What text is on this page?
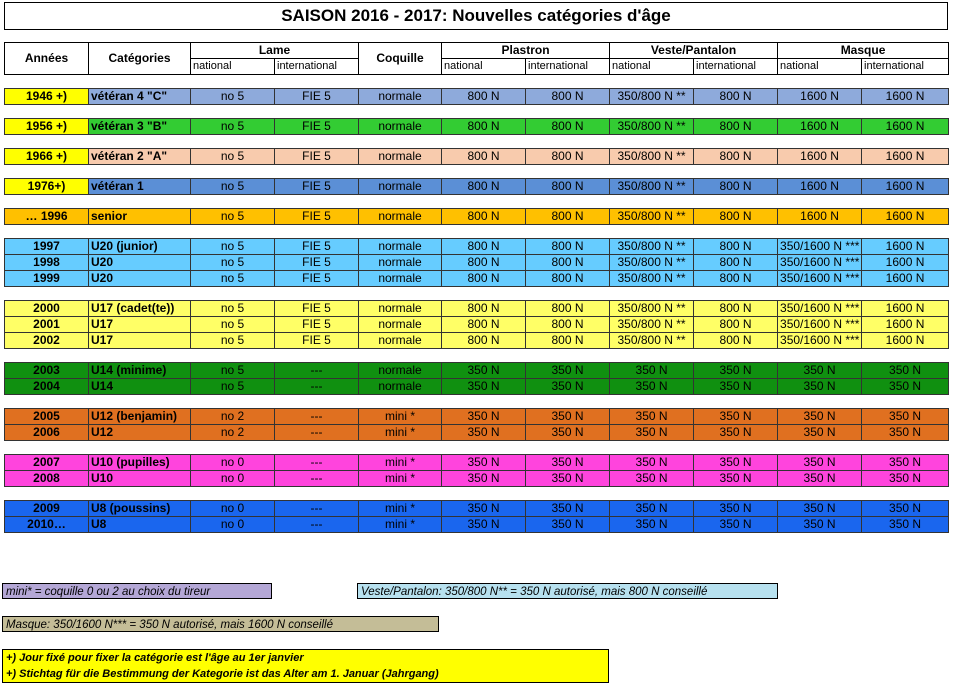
SAISON 2016 - 2017: Nouvelles catégories d'âge
Années	Catégories	Lame		Coquille	Plastron		Veste/Pantalon		Masque	
		national	international		national	international	national	international	national	international

1946 +)	vétéran 4 "C"	no 5	FIE 5	normale	800 N	800 N	350/800 N **	800 N	1600 N	1600 N

1956 +)	vétéran 3 "B"	no 5	FIE 5	normale	800 N	800 N	350/800 N **	800 N	1600 N	1600 N

1966 +)	vétéran 2 "A"	no 5	FIE 5	normale	800 N	800 N	350/800 N **	800 N	1600 N	1600 N

1976+)	vétéran 1	no 5	FIE 5	normale	800 N	800 N	350/800 N **	800 N	1600 N	1600 N

… 1996	senior	no 5	FIE 5	normale	800 N	800 N	350/800 N **	800 N	1600 N	1600 N

1997	U20 (junior)	no 5	FIE 5	normale	800 N	800 N	350/800 N **	800 N	350/1600 N ***	1600 N
1998	U20	no 5	FIE 5	normale	800 N	800 N	350/800 N **	800 N	350/1600 N ***	1600 N
1999	U20	no 5	FIE 5	normale	800 N	800 N	350/800 N **	800 N	350/1600 N ***	1600 N

2000	U17 (cadet(te))	no 5	FIE 5	normale	800 N	800 N	350/800 N **	800 N	350/1600 N ***	1600 N
2001	U17	no 5	FIE 5	normale	800 N	800 N	350/800 N **	800 N	350/1600 N ***	1600 N
2002	U17	no 5	FIE 5	normale	800 N	800 N	350/800 N **	800 N	350/1600 N ***	1600 N

2003	U14 (minime)	no 5	---	normale	350 N	350 N	350 N	350 N	350 N	350 N
2004	U14	no 5	---	normale	350 N	350 N	350 N	350 N	350 N	350 N

2005	U12 (benjamin)	no 2	---	mini *	350 N	350 N	350 N	350 N	350 N	350 N
2006	U12	no 2	---	mini *	350 N	350 N	350 N	350 N	350 N	350 N

2007	U10 (pupilles)	no 0	---	mini *	350 N	350 N	350 N	350 N	350 N	350 N
2008	U10	no 0	---	mini *	350 N	350 N	350 N	350 N	350 N	350 N

2009	U8 (poussins)	no 0	---	mini *	350 N	350 N	350 N	350 N	350 N	350 N
2010…	U8	no 0	---	mini *	350 N	350 N	350 N	350 N	350 N	350 N
mini* = coquille 0 ou 2 au choix du tireur	Veste/Pantalon: 350/800 N** = 350 N autorisé, mais 800 N conseillé
Masque: 350/1600 N*** = 350 N autorisé, mais 1600 N conseillé
+) Jour fixé pour fixer la catégorie est l'âge au 1er janvier
+) Stichtag für die Bestimmung der Kategorie ist das Alter am 1. Januar (Jahrgang)
